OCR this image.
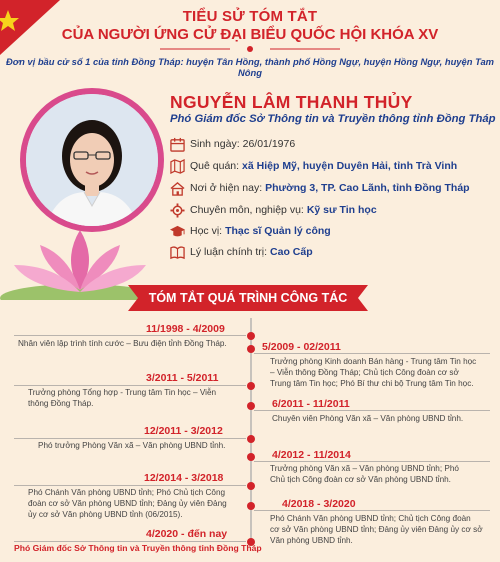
TIỂU SỬ TÓM TẮT
CỦA NGƯỜI ỨNG CỬ ĐẠI BIỂU QUỐC HỘI KHÓA XV
Đơn vị bầu cử số 1 của tỉnh Đồng Tháp: huyện Tân Hồng, thành phố Hồng Ngự, huyện Hồng Ngự, huyện Tam Nông
NGUYỄN LÂM THANH THỦY
Phó Giám đốc Sở Thông tin và Truyền thông tỉnh Đồng Tháp
Sinh ngày: 26/01/1976
Quê quán: xã Hiệp Mỹ, huyện Duyên Hải, tỉnh Trà Vinh
Nơi ở hiện nay: Phường 3, TP. Cao Lãnh, tỉnh Đồng Tháp
Chuyên môn, nghiệp vụ: Kỹ sư Tin học
Học vị: Thạc sĩ Quản lý công
Lý luận chính trị: Cao Cấp
TÓM TẮT QUÁ TRÌNH CÔNG TÁC
11/1998 - 4/2009
Nhân viên lập trình tính cước – Bưu điện tỉnh Đồng Tháp.
3/2011 - 5/2011
Trưởng phòng Tổng hợp - Trung tâm Tin học – Viễn
thông Đồng Tháp.
12/2011 - 3/2012
Phó trưởng Phòng Văn xã – Văn phòng UBND tỉnh.
12/2014 - 3/2018
Phó Chánh Văn phòng UBND tỉnh; Phó Chủ tịch Công
đoàn cơ sở Văn phòng UBND tỉnh; Đảng ủy viên Đảng
ủy cơ sở Văn phòng UBND tỉnh (06/2015).
4/2020 - đến nay
Phó Giám đốc Sở Thông tin và Truyền thông tỉnh Đồng Tháp
5/2009 - 02/2011
Trưởng phòng Kinh doanh Bán hàng - Trung tâm Tin học
– Viễn thông Đồng Tháp; Chủ tịch Công đoàn cơ sở
Trung tâm Tin học; Phó Bí thư chi bộ Trung tâm Tin học.
6/2011 - 11/2011
Chuyên viên Phòng Văn xã – Văn phòng UBND tỉnh.
4/2012 - 11/2014
Trưởng phòng Văn xã – Văn phòng UBND tỉnh; Phó
Chủ tịch Công đoàn cơ sở Văn phòng UBND tỉnh.
4/2018 - 3/2020
Phó Chánh Văn phòng UBND tỉnh; Chủ tịch Công đoàn
cơ sở Văn phòng UBND tỉnh; Đảng ủy viên Đảng ủy cơ sở
Văn phòng UBND tỉnh.
